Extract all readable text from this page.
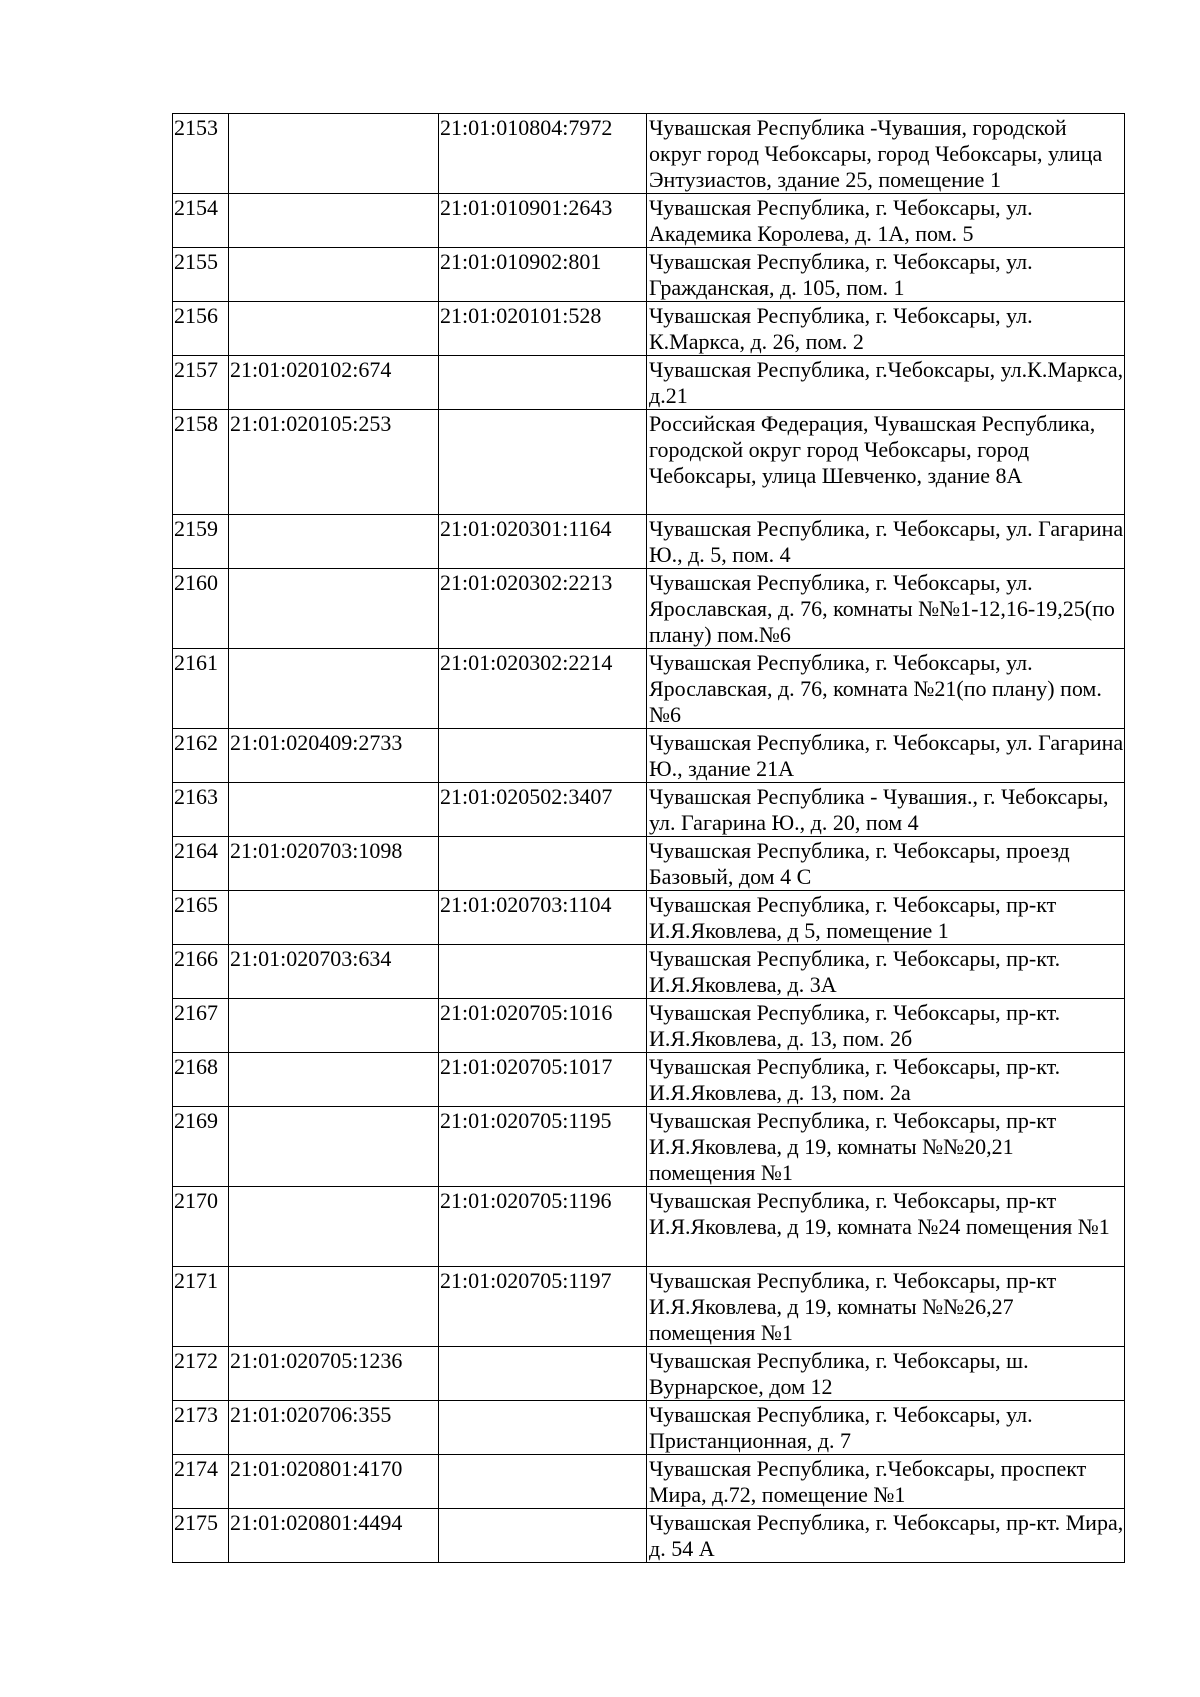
2153		21:01:010804:7972	Чувашская Республика -Чувашия, городской округ город Чебоксары, город Чебоксары, улица Энтузиастов, здание 25, помещение 1
2154		21:01:010901:2643	Чувашская Республика, г. Чебоксары, ул. Академика Королева, д. 1А, пом. 5
2155		21:01:010902:801	Чувашская Республика, г. Чебоксары, ул. Гражданская, д. 105, пом. 1
2156		21:01:020101:528	Чувашская Республика, г. Чебоксары, ул. К.Маркса, д. 26, пом. 2
2157	21:01:020102:674		Чувашская Республика, г.Чебоксары, ул.К.Маркса, д.21
2158	21:01:020105:253		Российская Федерация, Чувашская Республика, городской округ город Чебоксары, город Чебоксары, улица Шевченко, здание 8А
2159		21:01:020301:1164	Чувашская Республика, г. Чебоксары, ул. Гагарина Ю., д. 5, пом. 4
2160		21:01:020302:2213	Чувашская Республика, г. Чебоксары, ул. Ярославская, д. 76, комнаты №№1-12,16-19,25(по плану) пом.№6
2161		21:01:020302:2214	Чувашская Республика, г. Чебоксары, ул. Ярославская, д. 76, комната №21(по плану) пом.№6
2162	21:01:020409:2733		Чувашская Республика, г. Чебоксары, ул. Гагарина Ю., здание 21А
2163		21:01:020502:3407	Чувашская Республика - Чувашия., г. Чебоксары, ул. Гагарина Ю., д. 20, пом 4
2164	21:01:020703:1098		Чувашская Республика, г. Чебоксары, проезд Базовый, дом 4 С
2165		21:01:020703:1104	Чувашская Республика, г. Чебоксары, пр-кт И.Я.Яковлева, д 5, помещение 1
2166	21:01:020703:634		Чувашская Республика, г. Чебоксары, пр-кт. И.Я.Яковлева, д. 3А
2167		21:01:020705:1016	Чувашская Республика, г. Чебоксары, пр-кт. И.Я.Яковлева, д. 13, пом. 2б
2168		21:01:020705:1017	Чувашская Республика, г. Чебоксары, пр-кт. И.Я.Яковлева, д. 13, пом. 2а
2169		21:01:020705:1195	Чувашская Республика, г. Чебоксары, пр-кт И.Я.Яковлева, д 19, комнаты №№20,21 помещения №1
2170		21:01:020705:1196	Чувашская Республика, г. Чебоксары, пр-кт И.Я.Яковлева, д 19, комната №24 помещения №1
2171		21:01:020705:1197	Чувашская Республика, г. Чебоксары, пр-кт И.Я.Яковлева, д 19, комнаты №№26,27 помещения №1
2172	21:01:020705:1236		Чувашская Республика, г. Чебоксары, ш. Вурнарское, дом 12
2173	21:01:020706:355		Чувашская Республика, г. Чебоксары, ул. Пристанционная, д. 7
2174	21:01:020801:4170		Чувашская Республика, г.Чебоксары, проспект Мира, д.72, помещение №1
2175	21:01:020801:4494		Чувашская Республика, г. Чебоксары, пр-кт. Мира, д. 54 А
